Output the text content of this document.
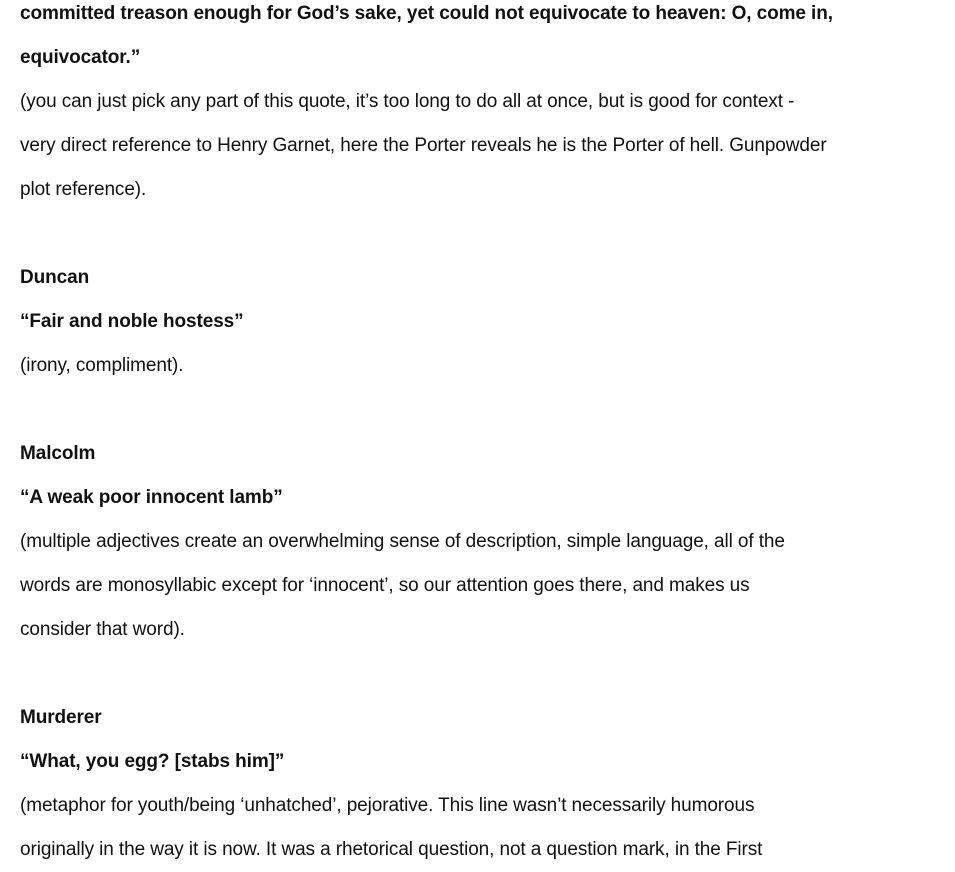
committed treason enough for God’s sake, yet could not equivocate to heaven: O, come in,
equivocator.”
(you can just pick any part of this quote, it’s too long to do all at once, but is good for context -
very direct reference to Henry Garnet, here the Porter reveals he is the Porter of hell. Gunpowder
plot reference).
Duncan
“Fair and noble hostess”
(irony, compliment).
Malcolm
“A weak poor innocent lamb”
(multiple adjectives create an overwhelming sense of description, simple language, all of the
words are monosyllabic except for ‘innocent’, so our attention goes there, and makes us
consider that word).
Murderer
“What, you egg? [stabs him]”
(metaphor for youth/being ‘unhatched’, pejorative. This line wasn’t necessarily humorous
originally in the way it is now. It was a rhetorical question, not a question mark, in the First
